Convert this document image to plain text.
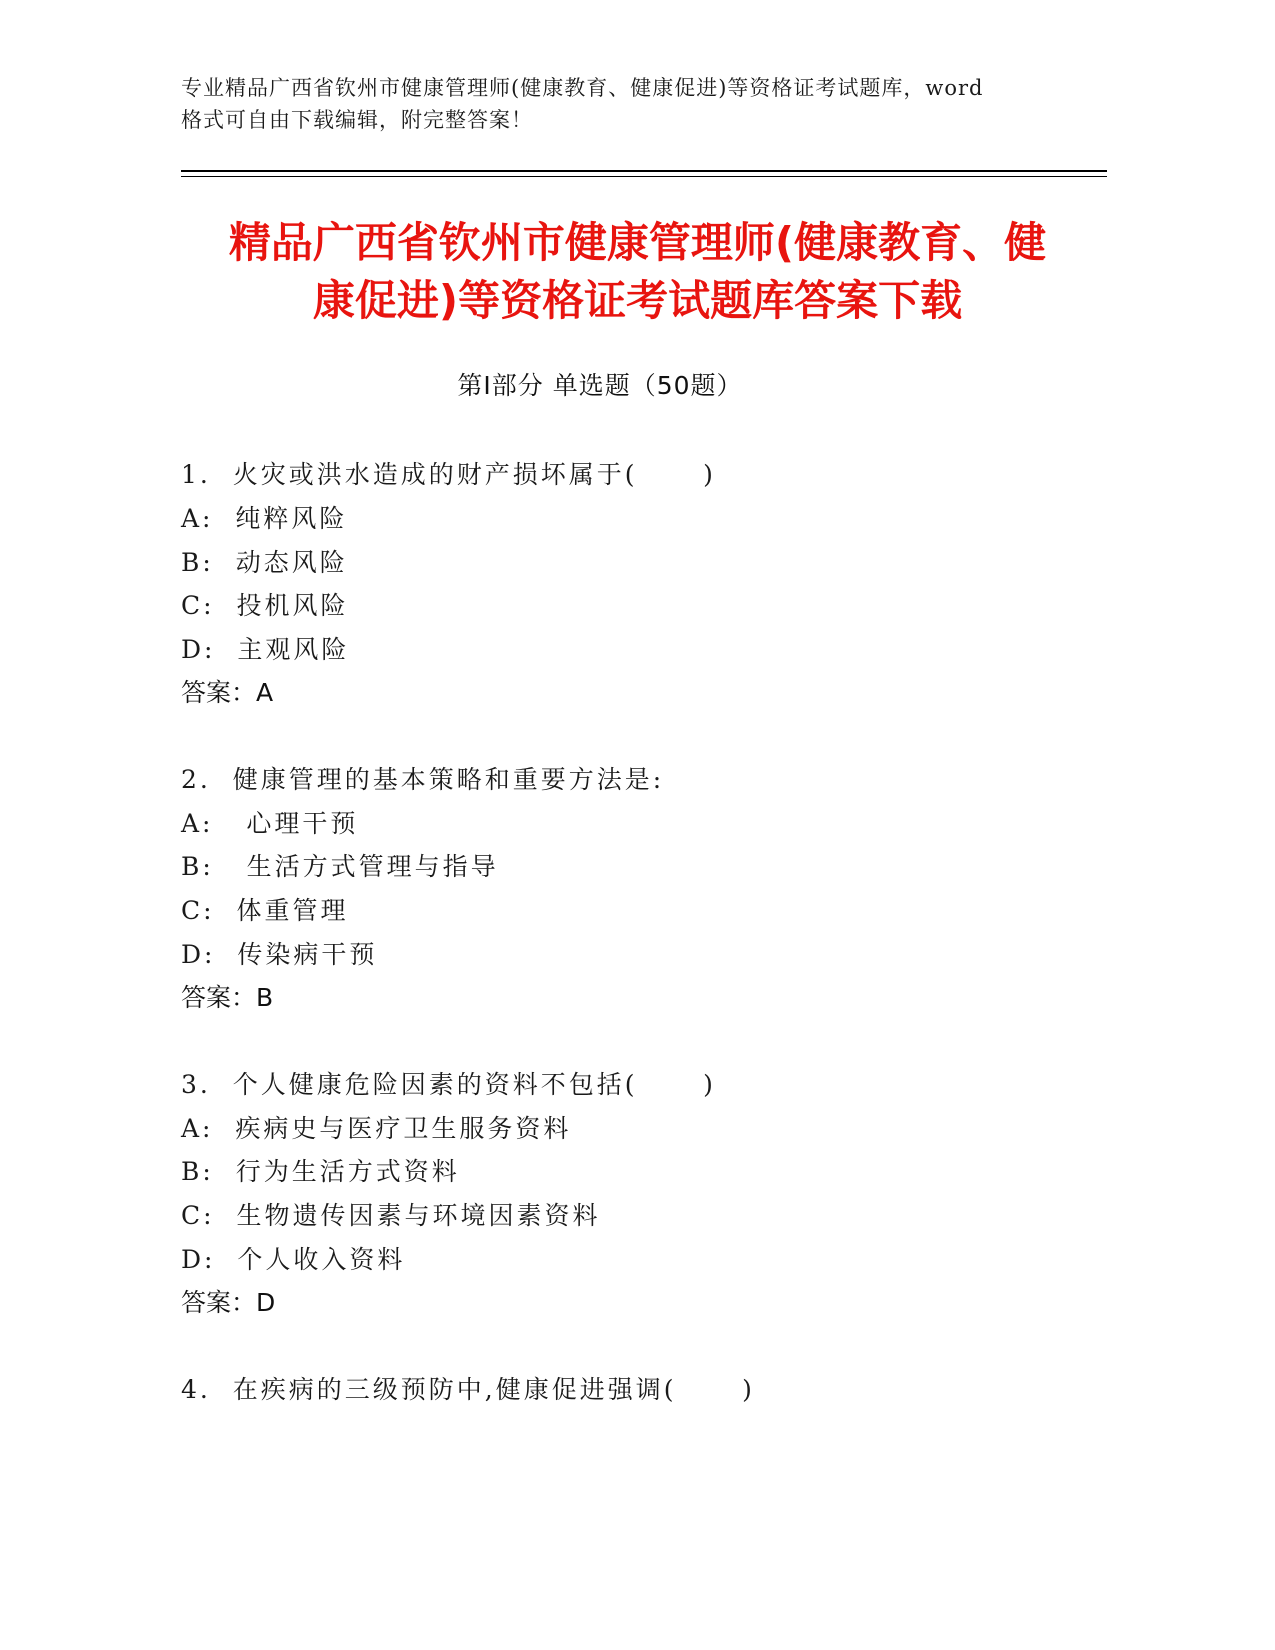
专业精品广西省钦州市健康管理师(健康教育、健康促进)等资格证考试题库，word
格式可自由下载编辑，附完整答案！
精品广西省钦州市健康管理师(健康教育、健
康促进)等资格证考试题库答案下载
第Ⅰ部分 单选题（50题）
1.  火灾或洪水造成的财产损坏属于(      )
A:  纯粹风险
B:  动态风险
C:  投机风险
D:  主观风险
答案：A
2.  健康管理的基本策略和重要方法是:
A:   心理干预
B:   生活方式管理与指导
C:  体重管理
D:  传染病干预
答案：B
3.  个人健康危险因素的资料不包括(      )
A:  疾病史与医疗卫生服务资料
B:  行为生活方式资料
C:  生物遗传因素与环境因素资料
D:  个人收入资料
答案：D
4.  在疾病的三级预防中,健康促进强调(      )
